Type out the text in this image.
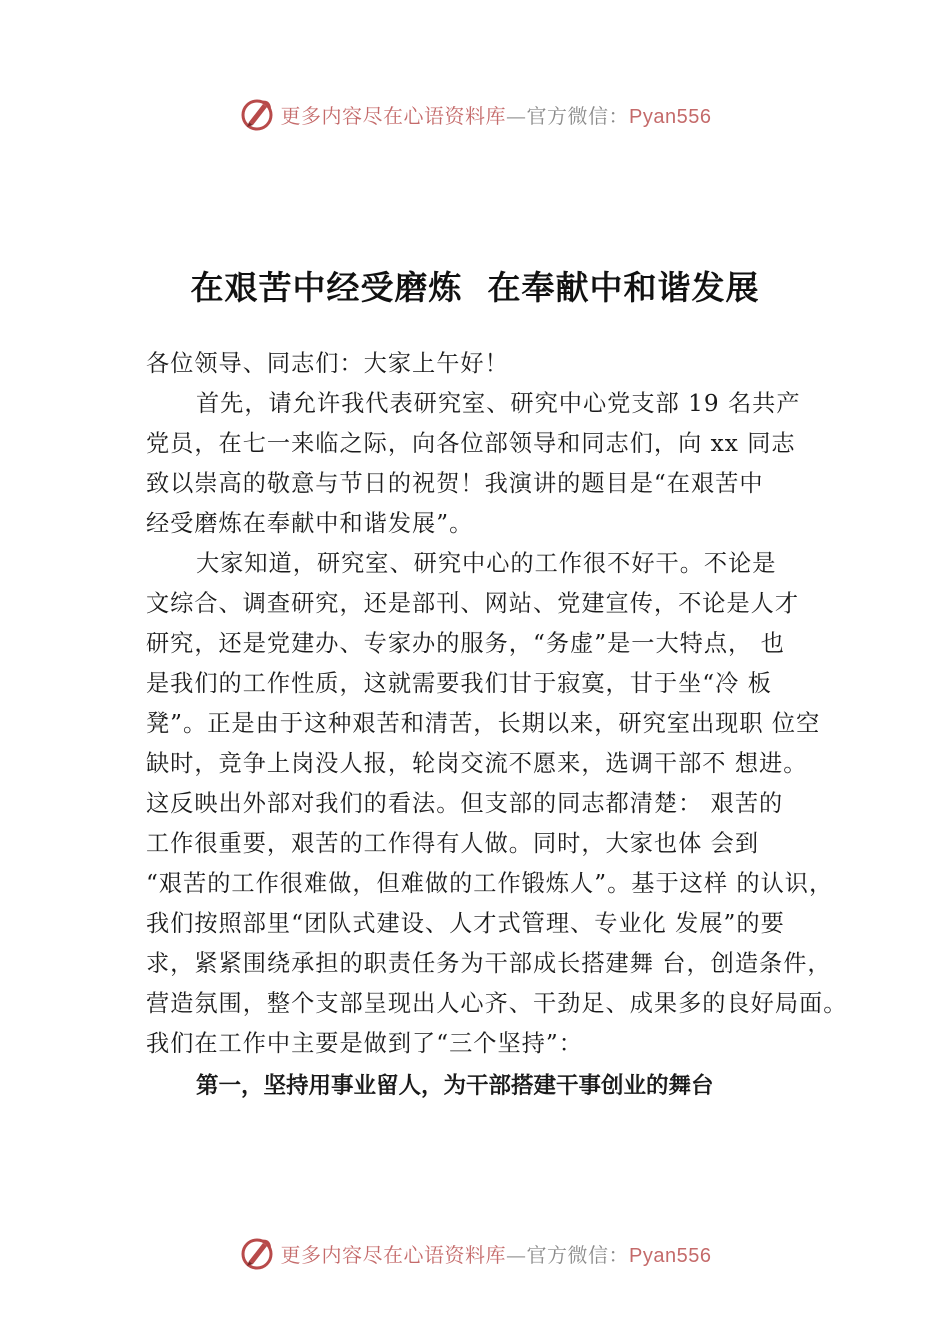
更多内容尽在心语资料库—官方微信：Pyan556
在艰苦中经受磨炼  在奉献中和谐发展
各位领导、同志们：大家上午好！
首先，请允许我代表研究室、研究中心党支部 19 名共产
党员，在七一来临之际，向各位部领导和同志们，向 xx 同志
致以崇高的敬意与节日的祝贺！我演讲的题目是“在艰苦中
经受磨炼在奉献中和谐发展”。
大家知道，研究室、研究中心的工作很不好干。不论是
文综合、调查研究，还是部刊、网站、党建宣传，不论是人才
研究，还是党建办、专家办的服务，“务虚”是一大特点， 也
是我们的工作性质，这就需要我们甘于寂寞，甘于坐“冷 板
凳”。正是由于这种艰苦和清苦，长期以来，研究室出现职 位空
缺时，竞争上岗没人报，轮岗交流不愿来，选调干部不 想进。
这反映出外部对我们的看法。但支部的同志都清楚： 艰苦的
工作很重要，艰苦的工作得有人做。同时，大家也体 会到
“艰苦的工作很难做，但难做的工作锻炼人”。基于这样 的认识，
我们按照部里“团队式建设、人才式管理、专业化 发展”的要
求，紧紧围绕承担的职责任务为干部成长搭建舞 台，创造条件，
营造氛围，整个支部呈现出人心齐、干劲足、成果多的良好局面。
我们在工作中主要是做到了“三个坚持”：
第一，坚持用事业留人，为干部搭建干事创业的舞台
更多内容尽在心语资料库—官方微信：Pyan556
